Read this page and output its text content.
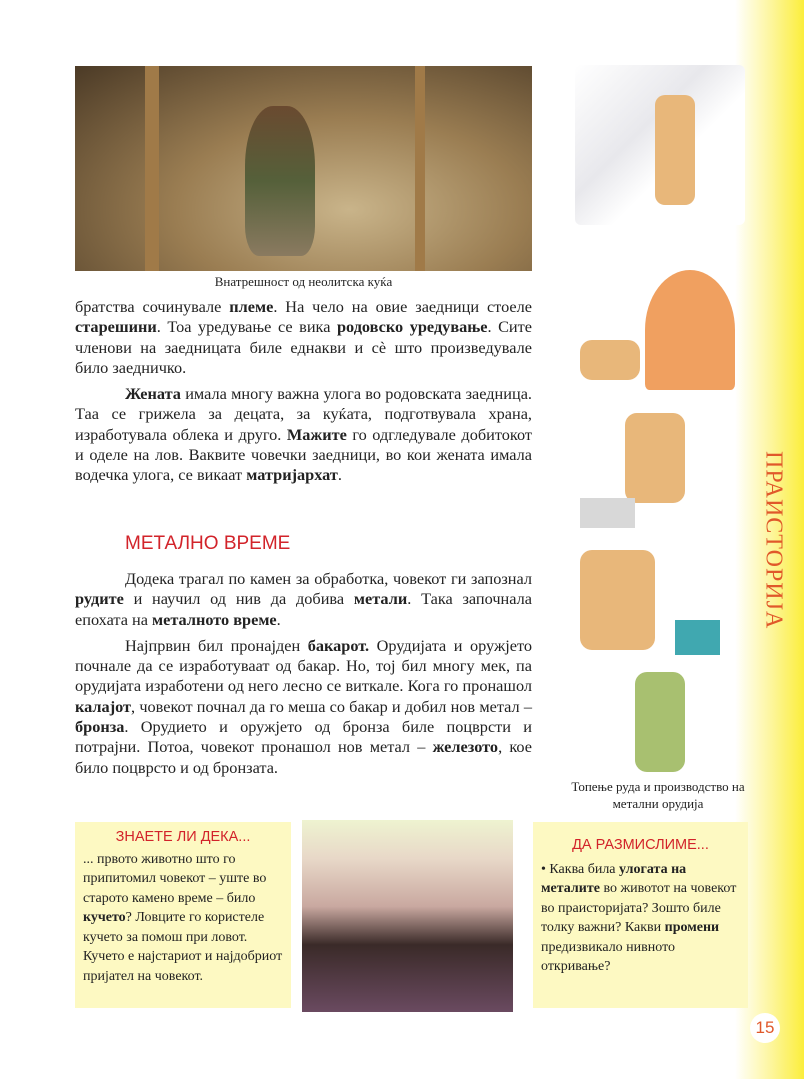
Внатрешност од неолитска куќа

братства сочинувале племе. На чело на овие заедници стоеле старешини. Тоа уредување се вика родовско уредување. Сите членови на заедницата биле еднакви и сѐ што произведувале било заедничко.

Жената имала многу важна улога во родовската заедница. Таа се грижела за децата, за куќата, подготвувала храна, изработувала облека и друго. Мажите го одгледувале добитокот и оделе на лов. Ваквите човечки заедници, во кои жената имала водечка улога, се викаат матријархат.

МЕТАЛНО ВРЕМЕ

Додека трагал по камен за обработка, човекот ги запознал рудите и научил од нив да добива метали. Така започнала епохата на металното време.

Најпрвин бил пронајден бакарот. Орудијата и оружјето почнале да се изработуваат од бакар. Но, тој бил многу мек, па орудијата изработени од него лесно се виткале. Кога го пронашол калајот, човекот почнал да го меша со бакар и добил нов метал – бронза. Орудието и оружјето од бронза биле поцврсти и потрајни. Потоа, човекот пронашол нов метал – железото, кое било поцврсто и од бронзата.

Топење руда и производство на метални орудија
ПРАИСТОРИЈА
ЗНАЕТЕ ЛИ ДЕКА...
... првото животно што го припитомил човекот – уште во старото камено време – било кучето? Ловците го користеле кучето за помош при ловот. Кучето е најстариот и најдобриот пријател на човекот.
ДА РАЗМИСЛИМЕ...
• Каква била улогата на металите во животот на човекот во праисторијата? Зошто биле толку важни? Какви промени предизвикало нивното откривање?
15
